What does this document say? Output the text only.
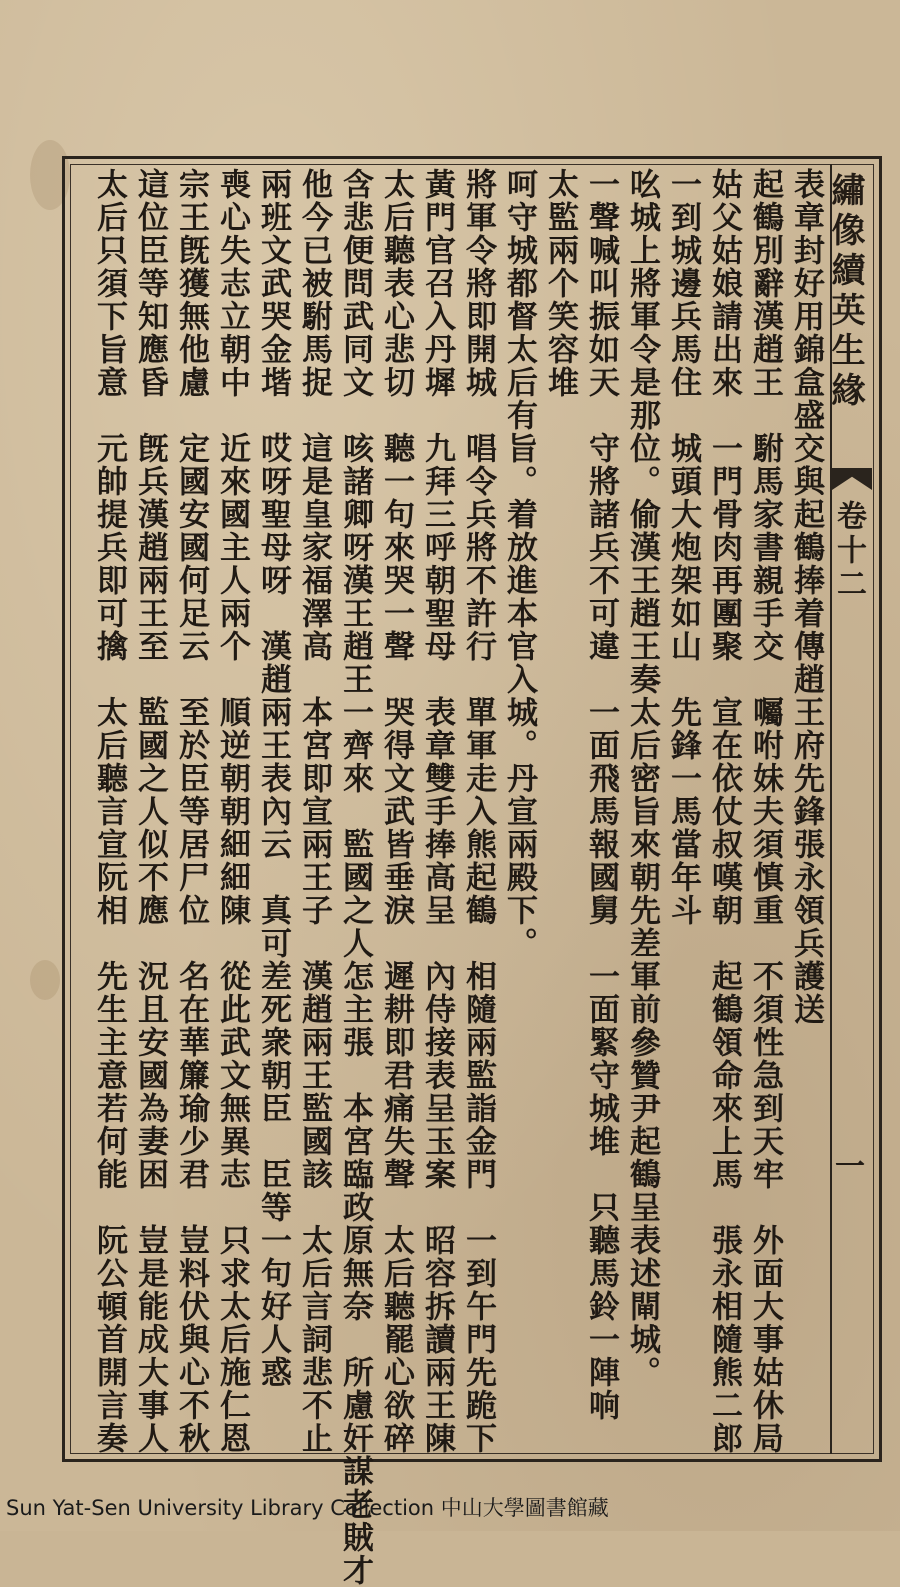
繡像續英生緣
卷十二
一
表章封好用錦盒盛交與起鶴捧着傳趙王府先鋒張永領兵護送
起鶴別辭漢趙王　駙馬家書親手交　囑咐妹夫須慎重　不須性急到天牢　外面大事姑休局
姑父姑娘請出來　一門骨肉再團聚　宣在依仗叔嘆朝　起鶴領命來上馬　張永相隨熊二郎
一到城邊兵馬住　城頭大炮架如山　先鋒一馬當年斗
吆城上將軍令是那位。偷漢王趙王奏太后密旨來朝先差軍前參贊尹起鶴呈表述閘城。
一聲喊叫振如天　守將諸兵不可違　一面飛馬報國舅　一面緊守城堆　只聽馬鈴一陣响
太監兩个笑容堆
呵守城都督太后有旨。着放進本官入城。丹宣兩殿下。
將軍令將即開城　唱令兵將不許行　單軍走入熊起鶴　相隨兩監詣金門　一到午門先跪下
黃門官召入丹墀　九拜三呼朝聖母　表章雙手捧高呈　內侍接表呈玉案　昭容拆讀兩王陳
太后聽表心悲切　聽一句來哭一聲　哭得文武皆垂淚　遲耕即君痛失聲　太后聽罷心欲碎
含悲便問武同文　咳諸卿呀漢王趙王一齊來　監國之人怎主張　本宮臨政原無奈　所慮奸謀老賊才
他今已被駙馬捉　這是皇家福澤高　本宮即宣兩王子　漢趙兩王監國該　太后言詞悲不止
兩班文武哭金堦　哎呀聖母呀　漢趙兩王表內云　真可差死衆朝臣　臣等一句好人惑
喪心失志立朝中　近來國主人兩个　順逆朝朝細細陳　從此武文無異志　只求太后施仁恩
宗王旣獲無他慮　定國安國何足云　至於臣等居尸位　名在華簾瑜少君　豈料伏與心不秋
這位臣等知應昏　旣兵漢趙兩王至　監國之人似不應　況且安國為妻困　豈是能成大事人
太后只須下旨意　元帥提兵即可擒　太后聽言宣阮相　先生主意若何能　阮公頓首開言奏
Sun Yat-Sen University Library Collection 中山大學圖書館藏
